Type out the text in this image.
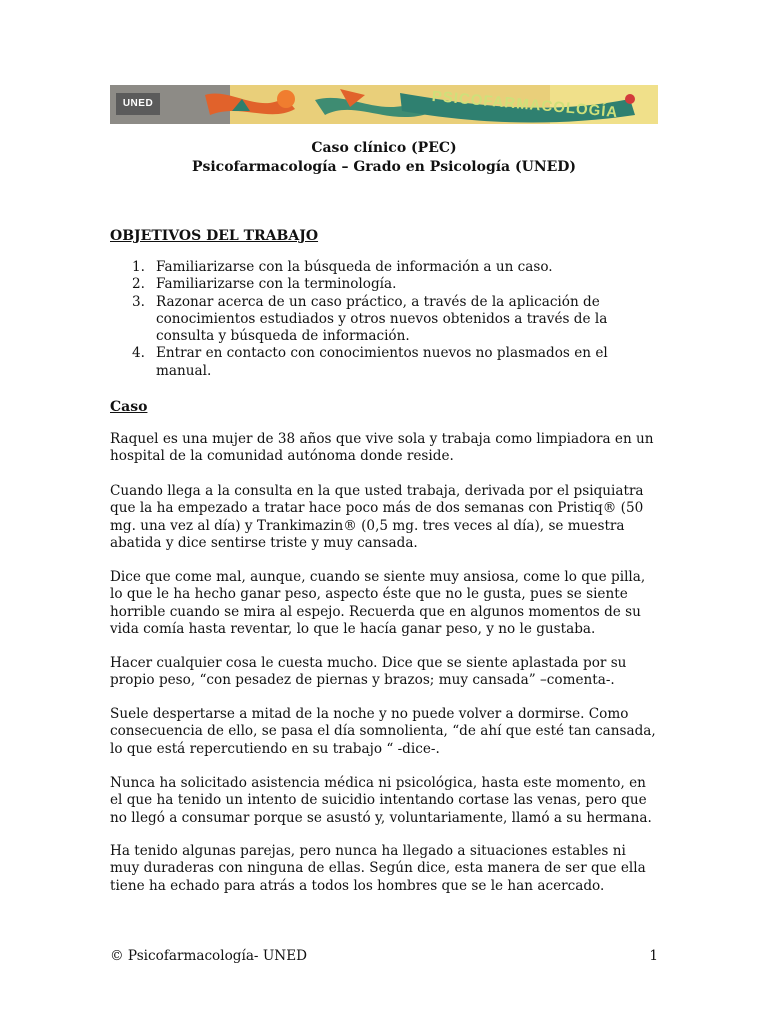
UNED	PSICOFARMACOLOGÍA
Caso clínico (PEC)
Psicofarmacología – Grado en Psicología (UNED)
OBJETIVOS DEL TRABAJO
1. Familiarizarse con la búsqueda de información a un caso.
2. Familiarizarse con la terminología.
3. Razonar acerca de un caso práctico, a través de la aplicación de conocimientos estudiados y otros nuevos obtenidos a través de la consulta y búsqueda de información.
4. Entrar en contacto con conocimientos nuevos no plasmados en el manual.
Caso

Raquel es una mujer de 38 años que vive sola y trabaja como limpiadora en un hospital de la comunidad autónoma donde reside.

Cuando llega a la consulta en la que usted trabaja, derivada por el psiquiatra que la ha empezado a tratar hace poco más de dos semanas con Pristiq® (50 mg. una vez al día) y Trankimazin® (0,5 mg. tres veces al día), se muestra abatida y dice sentirse triste y muy cansada.

Dice que come mal, aunque, cuando se siente muy ansiosa, come lo que pilla, lo que le ha hecho ganar peso, aspecto éste que no le gusta, pues se siente horrible cuando se mira al espejo. Recuerda que en algunos momentos de su vida comía hasta reventar, lo que le hacía ganar peso, y no le gustaba.

Hacer cualquier cosa le cuesta mucho. Dice que se siente aplastada por su propio peso, “con pesadez de piernas y brazos; muy cansada” –comenta-.

Suele despertarse a mitad de la noche y no puede volver a dormirse. Como consecuencia de ello, se pasa el día somnolienta, “de ahí que esté tan cansada, lo que está repercutiendo en su trabajo “ -dice-.

Nunca ha solicitado asistencia médica ni psicológica, hasta este momento, en el que ha tenido un intento de suicidio intentando cortase las venas, pero que no llegó a consumar porque se asustó y, voluntariamente, llamó a su hermana.

Ha tenido algunas parejas, pero nunca ha llegado a situaciones estables ni muy duraderas con ninguna de ellas. Según dice, esta manera de ser que ella tiene ha echado para atrás a todos los hombres que se le han acercado.

© Psicofarmacología- UNED	1
